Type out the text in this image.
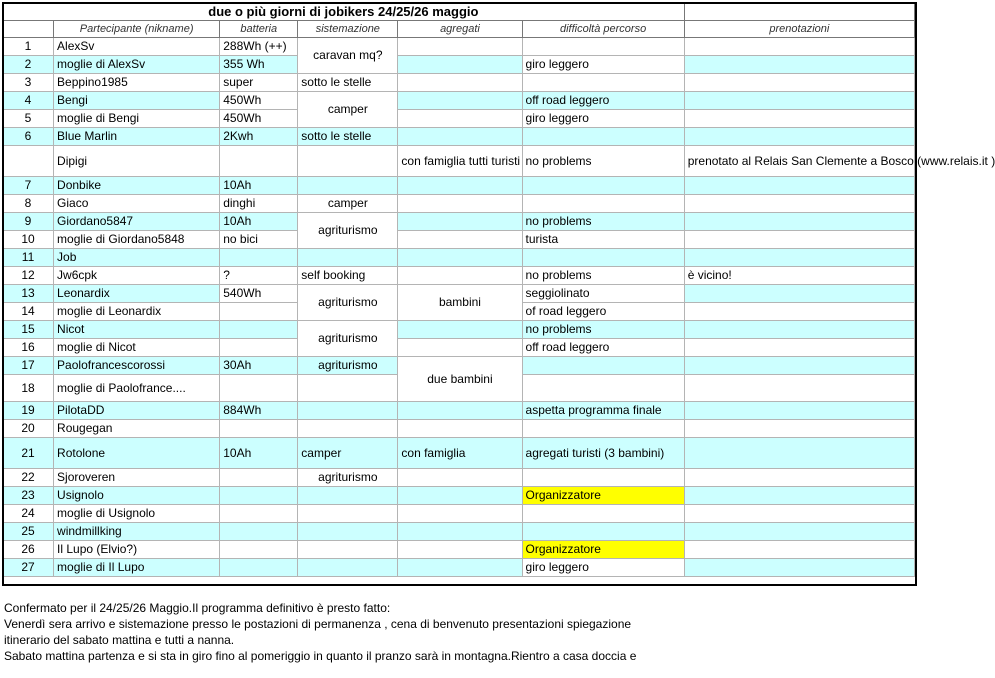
due o più giorni di jobikers 24/25/26 maggio						
	Partecipante (nikname)	batteria	sistemazione	agregati	difficoltà percorso	prenotazioni
1	AlexSv	288Wh (++)	caravan mq?			
2	moglie di AlexSv	355 Wh			giro leggero	
3	Beppino1985	super	sotto le stelle			
4	Bengi	450Wh	camper		off road leggero	
5	moglie di Bengi	450Wh			giro leggero	
6	Blue Marlin	2Kwh	sotto le stelle			
	Dipigi			con famiglia tutti turisti	no problems	prenotato al Relais San Clemente a Bosco (www.relais.it )
7	Donbike	10Ah				
8	Giaco	dinghi	camper			
9	Giordano5847	10Ah	agriturismo		no problems	
10	moglie di Giordano5848	no bici			turista	
11	Job					
12	Jw6cpk	?	self booking		no problems	è vicino!
13	Leonardix	540Wh	agriturismo	bambini	seggiolinato	
14	moglie di Leonardix				of road leggero	
15	Nicot		agriturismo		no problems	
16	moglie di Nicot				off road leggero	
17	Paolofrancescorossi	30Ah	agriturismo	due bambini		
18	moglie di Paolofrance....					
19	PilotaDD	884Wh			aspetta programma finale	
20	Rougegan					
21	Rotolone	10Ah	camper	con famiglia	agregati turisti (3 bambini)	
22	Sjoroveren		agriturismo			
23	Usignolo				Organizzatore	
24	moglie di Usignolo					
25	windmillking					
26	Il Lupo (Elvio?)				Organizzatore	
27	moglie di Il Lupo				giro leggero	
Confermato per il 24/25/26 Maggio.Il programma definitivo è presto fatto:
Venerdì sera arrivo e sistemazione presso le postazioni di permanenza , cena di benvenuto presentazioni spiegazione
itinerario del sabato mattina e tutti a nanna.
Sabato mattina partenza e si sta in giro fino al pomeriggio in quanto il pranzo sarà in montagna.Rientro a casa doccia e
